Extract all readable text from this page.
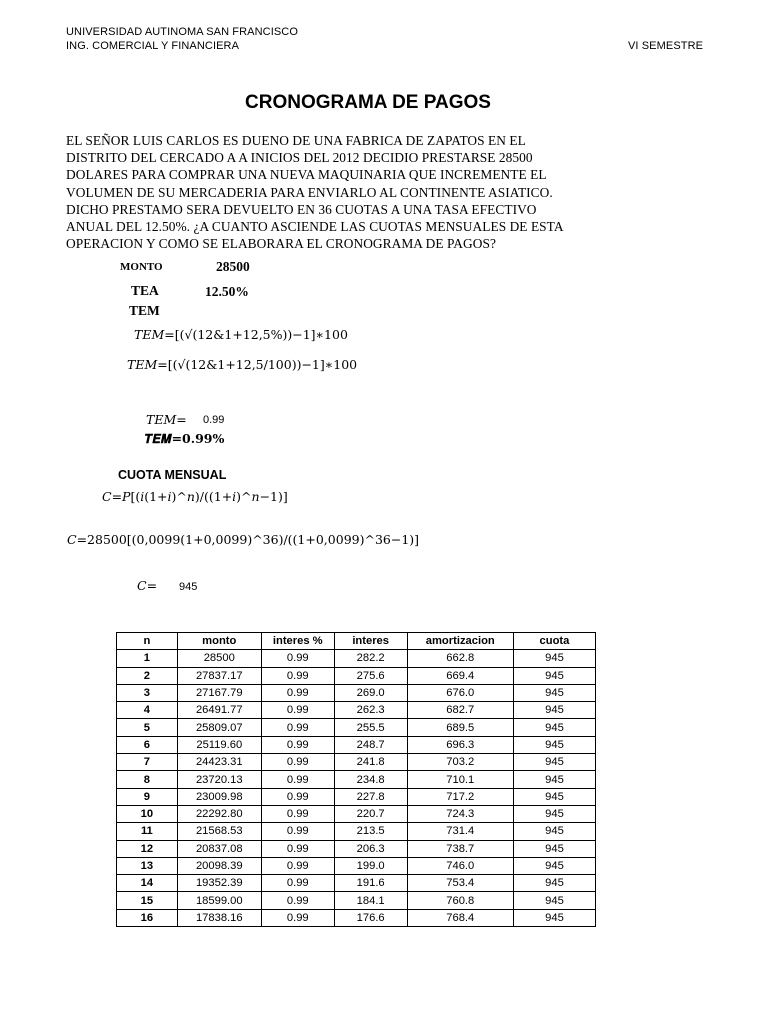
UNIVERSIDAD AUTINOMA SAN FRANCISCO
ING. COMERCIAL Y FINANCIERA	VI SEMESTRE
CRONOGRAMA DE PAGOS
EL SEÑOR LUIS CARLOS ES DUENO DE UNA FABRICA DE ZAPATOS EN EL
DISTRITO DEL CERCADO A A INICIOS DEL 2012 DECIDIO PRESTARSE 28500
DOLARES PARA COMPRAR UNA NUEVA MAQUINARIA QUE INCREMENTE EL
VOLUMEN DE SU MERCADERIA PARA ENVIARLO AL CONTINENTE ASIATICO.
DICHO PRESTAMO SERA DEVUELTO EN 36 CUOTAS A UNA TASA EFECTIVO
ANUAL DEL 12.50%. ¿A CUANTO ASCIENDE LAS CUOTAS MENSUALES DE ESTA
OPERACION Y COMO SE ELABORARA EL CRONOGRAMA DE PAGOS?
MONTO	28500
TEA	12.50%
TEM
𝑇𝐸𝑀=[(√(12&1+12,5%))−1]∗100
𝑇𝐸𝑀=[(√(12&1+12,5/100))−1]∗100
𝑇𝐸𝑀= 0.99
𝑻𝑬𝑴=0.99%
CUOTA MENSUAL
𝐶=𝑃[(𝑖(1+𝑖)^𝑛)/((1+𝑖)^𝑛−1)]
𝐶=28500[(0,0099(1+0,0099)^36)/((1+0,0099)^36−1)]
𝐶= 945
n	monto	interes %	interes	amortizacion	cuota
1	28500	0.99	282.2	662.8	945
2	27837.17	0.99	275.6	669.4	945
3	27167.79	0.99	269.0	676.0	945
4	26491.77	0.99	262.3	682.7	945
5	25809.07	0.99	255.5	689.5	945
6	25119.60	0.99	248.7	696.3	945
7	24423.31	0.99	241.8	703.2	945
8	23720.13	0.99	234.8	710.1	945
9	23009.98	0.99	227.8	717.2	945
10	22292.80	0.99	220.7	724.3	945
11	21568.53	0.99	213.5	731.4	945
12	20837.08	0.99	206.3	738.7	945
13	20098.39	0.99	199.0	746.0	945
14	19352.39	0.99	191.6	753.4	945
15	18599.00	0.99	184.1	760.8	945
16	17838.16	0.99	176.6	768.4	945
